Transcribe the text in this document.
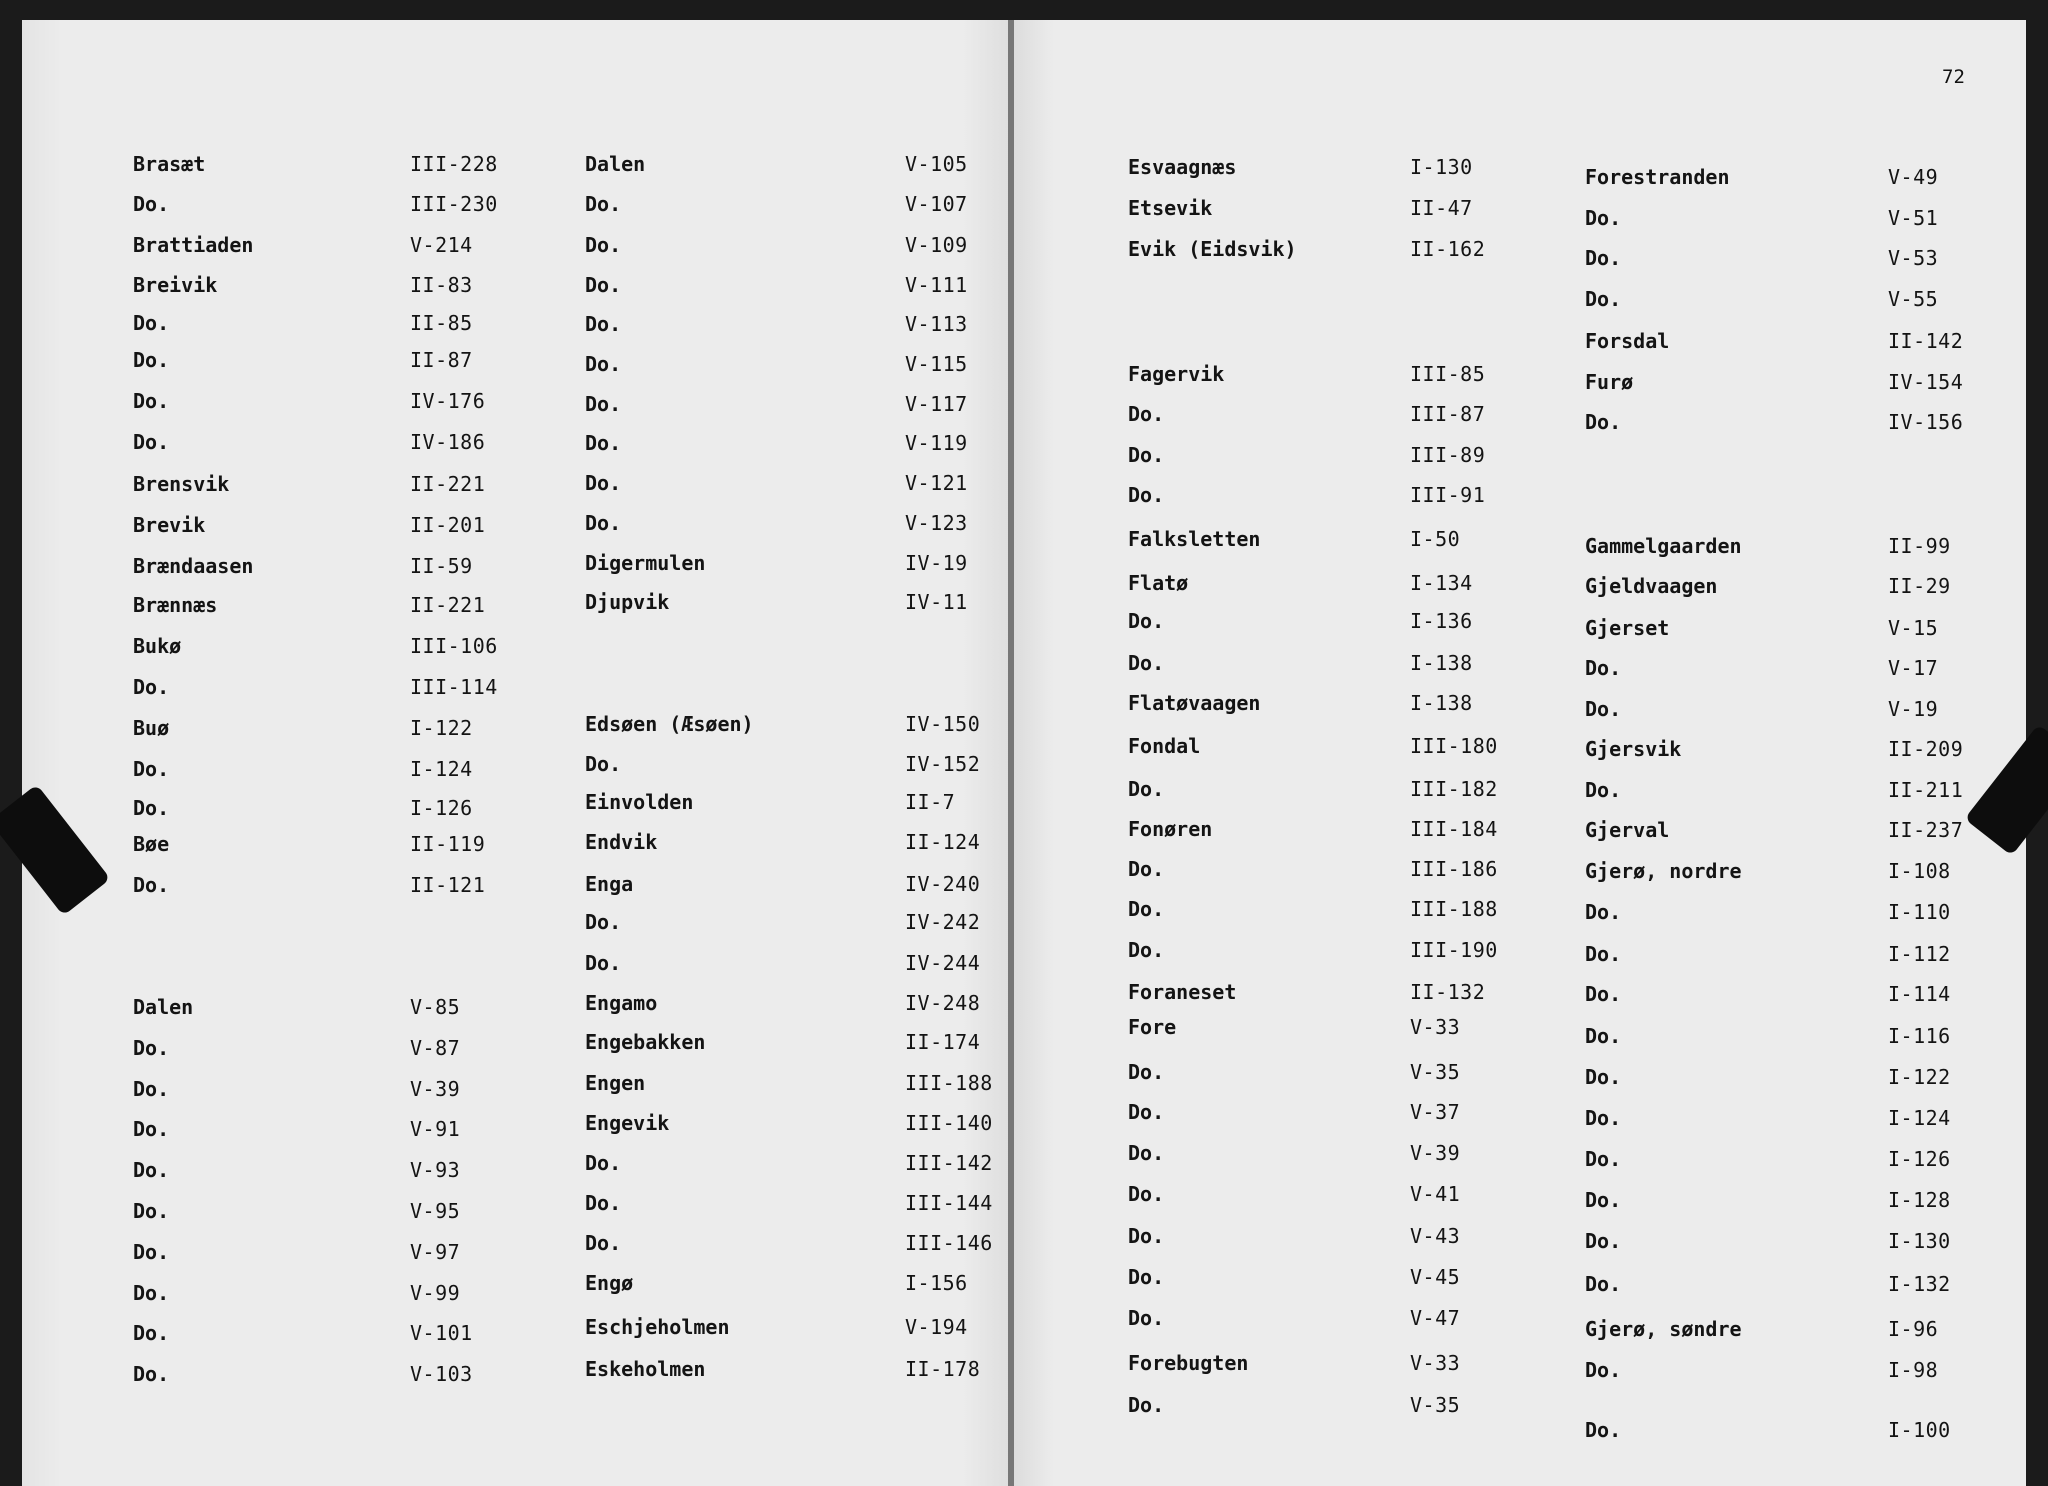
72
Brasæt	III-228
Do.	III-230
Brattiaden	V-214
Breivik	II-83
Do.	II-85
Do.	II-87
Do.	IV-176
Do.	IV-186
Brensvik	II-221
Brevik	II-201
Brændaasen	II-59
Brænnæs	II-221
Bukø	III-106
Do.	III-114
Buø	I-122
Do.	I-124
Do.	I-126
Bøe	II-119
Do.	II-121
Dalen	V-85
Do.	V-87
Do.	V-39
Do.	V-91
Do.	V-93
Do.	V-95
Do.	V-97
Do.	V-99
Do.	V-101
Do.	V-103
Dalen	V-105
Do.	V-107
Do.	V-109
Do.	V-111
Do.	V-113
Do.	V-115
Do.	V-117
Do.	V-119
Do.	V-121
Do.	V-123
Digermulen	IV-19
Djupvik	IV-11
Edsøen (Æsøen)	IV-150
Do.	IV-152
Einvolden	II-7
Endvik	II-124
Enga	IV-240
Do.	IV-242
Do.	IV-244
Engamo	IV-248
Engebakken	II-174
Engen	III-188
Engevik	III-140
Do.	III-142
Do.	III-144
Do.	III-146
Engø	I-156
Eschjeholmen	V-194
Eskeholmen	II-178
Esvaagnæs	I-130
Etsevik	II-47
Evik (Eidsvik)	II-162
Fagervik	III-85
Do.	III-87
Do.	III-89
Do.	III-91
Falksletten	I-50
Flatø	I-134
Do.	I-136
Do.	I-138
Flatøvaagen	I-138
Fondal	III-180
Do.	III-182
Fonøren	III-184
Do.	III-186
Do.	III-188
Do.	III-190
Foraneset	II-132
Fore	V-33
Do.	V-35
Do.	V-37
Do.	V-39
Do.	V-41
Do.	V-43
Do.	V-45
Do.	V-47
Forebugten	V-33
Do.	V-35
Forestranden	V-49
Do.	V-51
Do.	V-53
Do.	V-55
Forsdal	II-142
Furø	IV-154
Do.	IV-156
Gammelgaarden	II-99
Gjeldvaagen	II-29
Gjerset	V-15
Do.	V-17
Do.	V-19
Gjersvik	II-209
Do.	II-211
Gjerval	II-237
Gjerø, nordre	I-108
Do.	I-110
Do.	I-112
Do.	I-114
Do.	I-116
Do.	I-122
Do.	I-124
Do.	I-126
Do.	I-128
Do.	I-130
Do.	I-132
Gjerø, søndre	I-96
Do.	I-98
Do.	I-100
